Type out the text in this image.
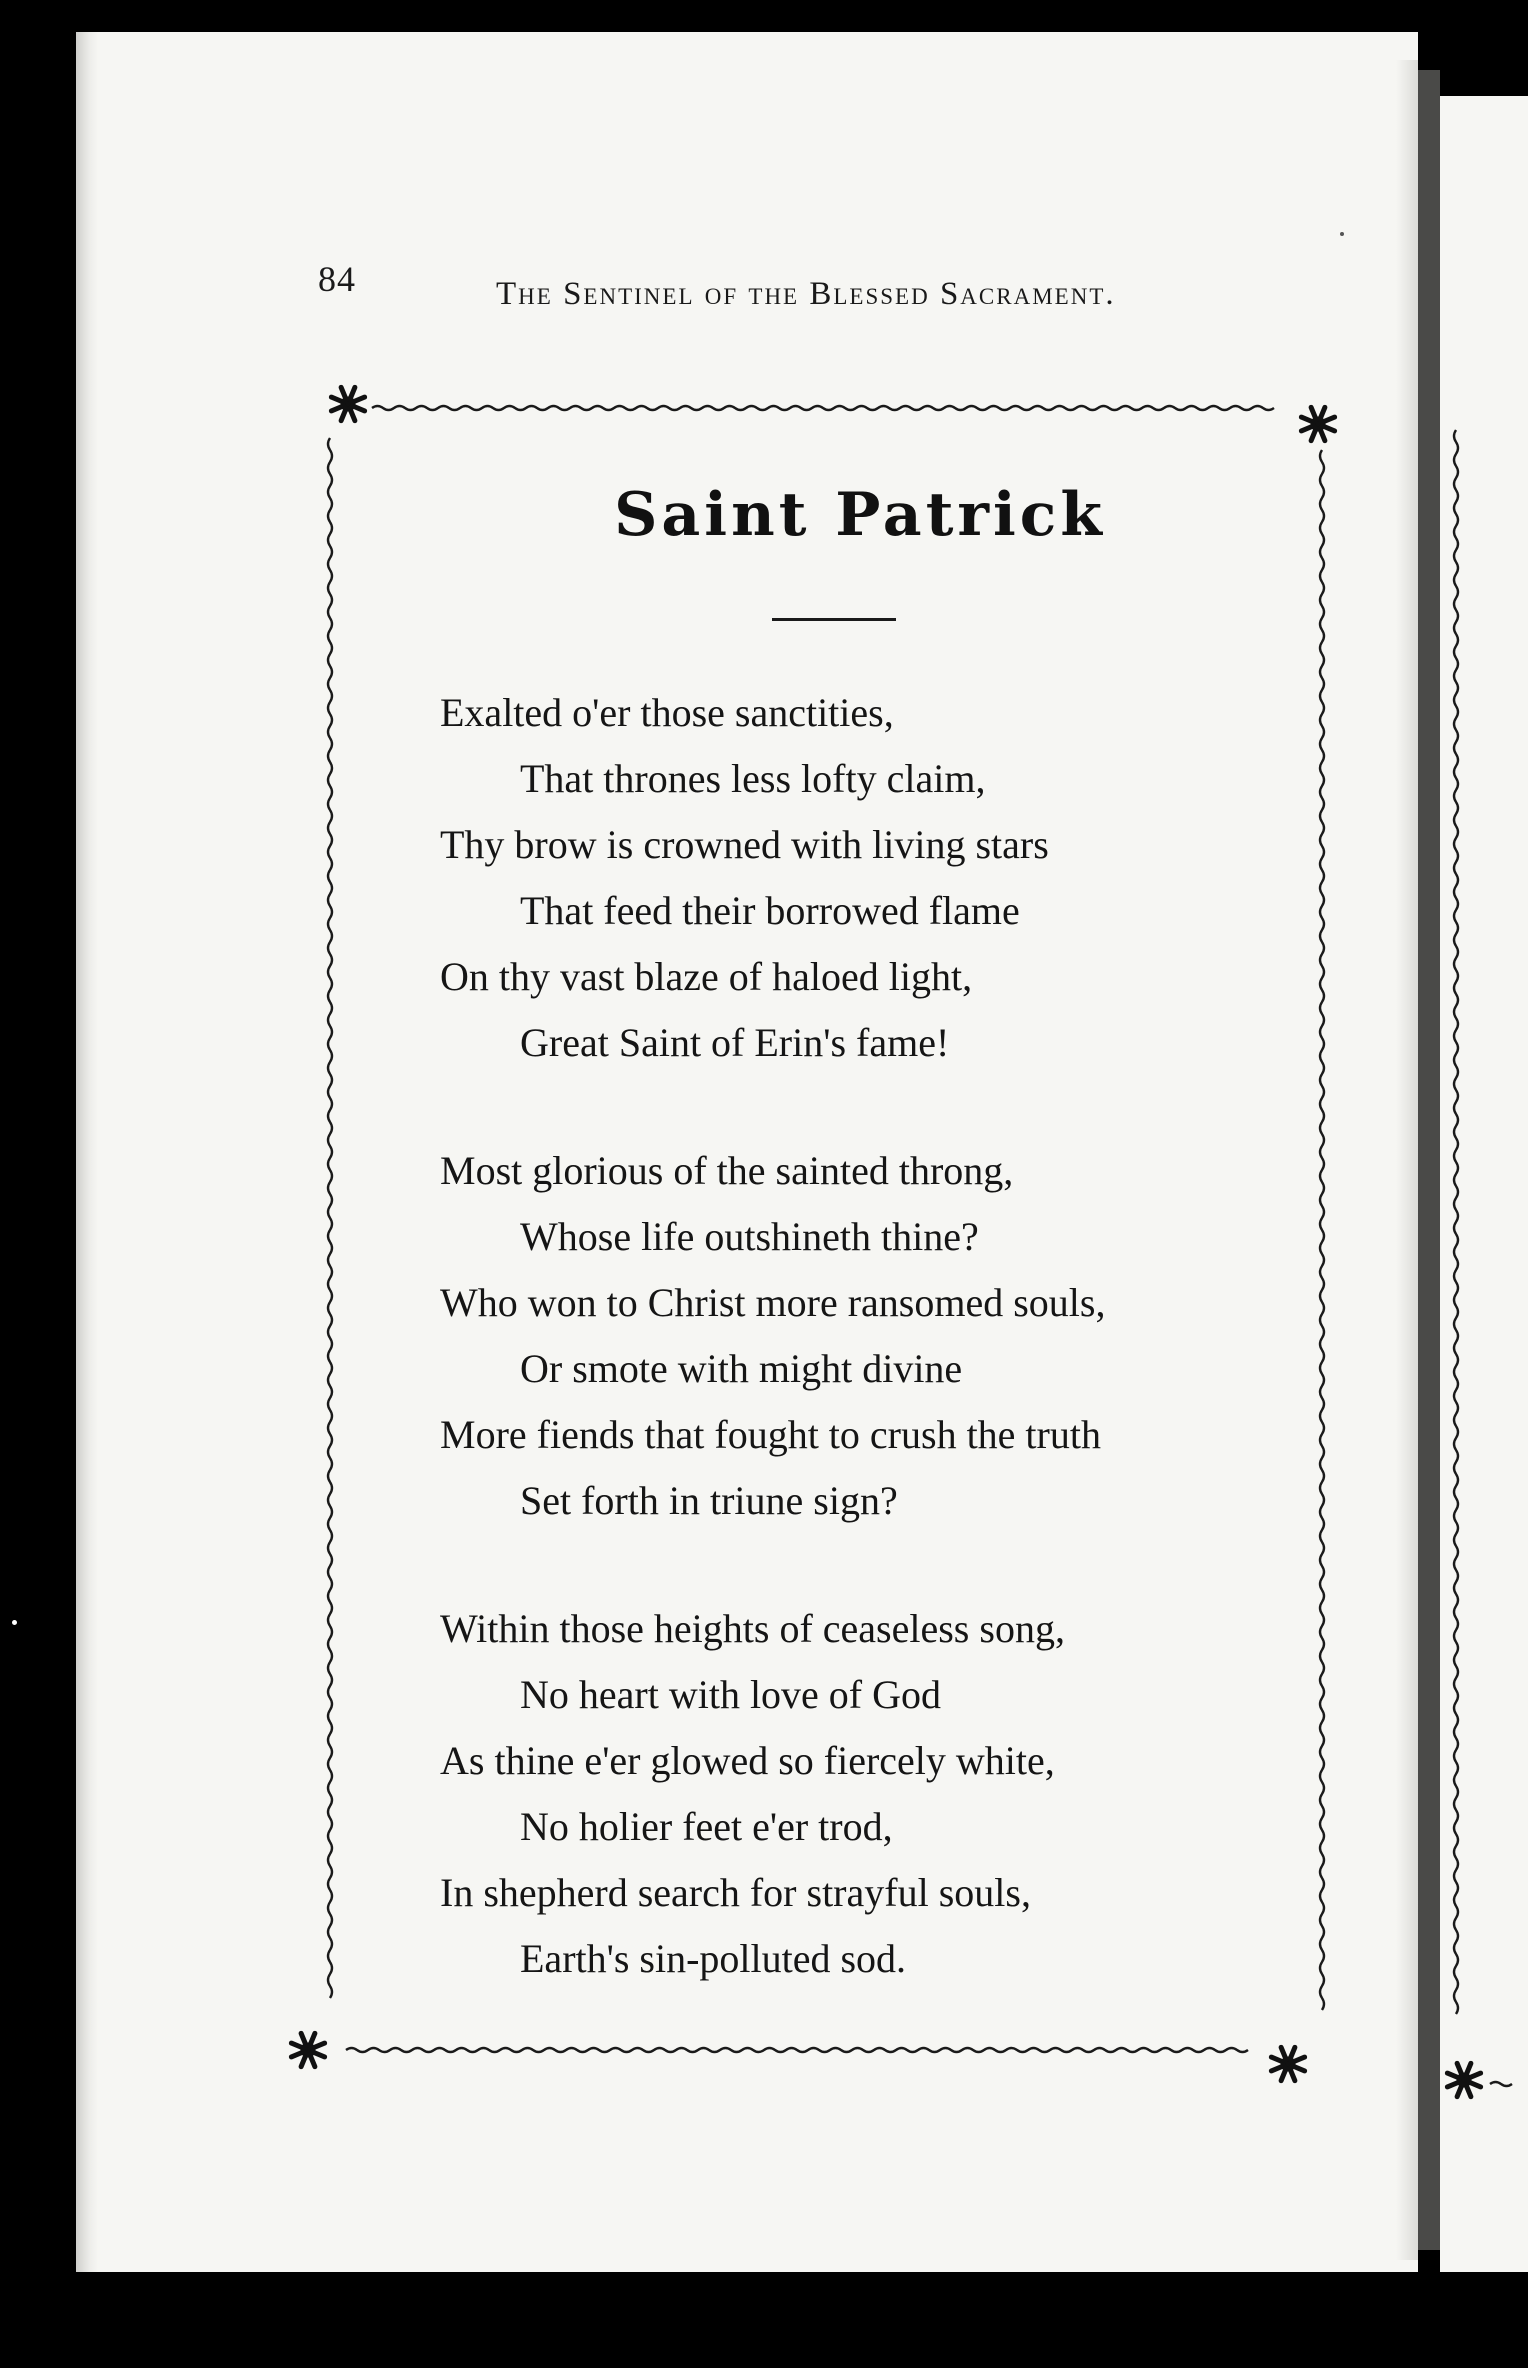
84	The Sentinel of the Blessed Sacrament.
Saint Patrick
Exalted o'er those sanctities,
That thrones less lofty claim,
Thy brow is crowned with living stars
That feed their borrowed flame
On thy vast blaze of haloed light,
Great Saint of Erin's fame!
Most glorious of the sainted throng,
Whose life outshineth thine?
Who won to Christ more ransomed souls,
Or smote with might divine
More fiends that fought to crush the truth
Set forth in triune sign?
Within those heights of ceaseless song,
No heart with love of God
As thine e'er glowed so fiercely white,
No holier feet e'er trod,
In shepherd search for strayful souls,
Earth's sin-polluted sod.
